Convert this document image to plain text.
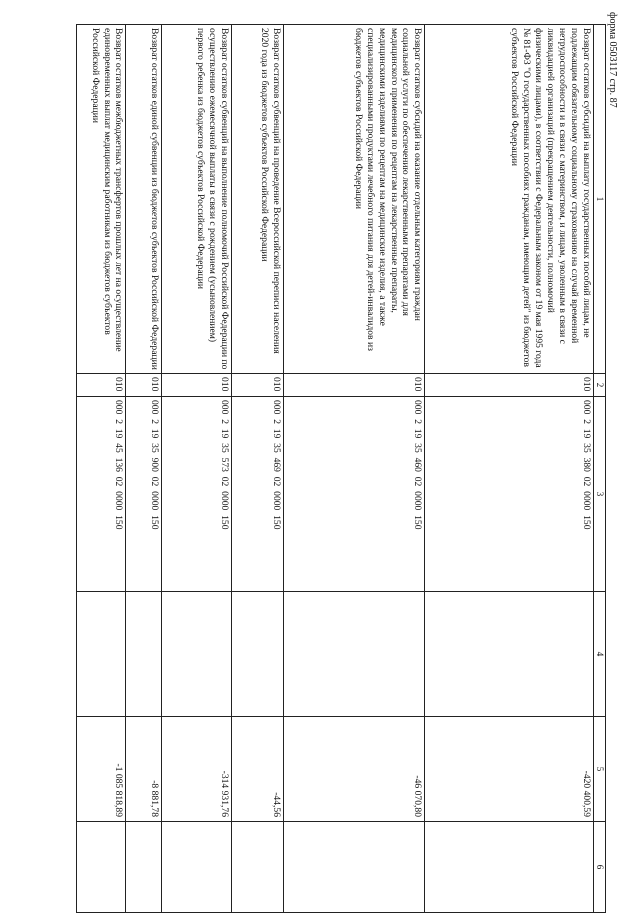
форма 0503117 стр. 87
1	2	3	4	5	6
Возврат остатков субсидий на выплату государственных пособий лицам, не подлежащим обязательному социальному страхованию на случай временной нетрудоспособности и в связи с материнством, и лицам, уволенным в связи с ликвидацией организаций (прекращением деятельности, полномочий физическими лицами), в соответствии с Федеральным законом от 19 мая 1995 года № 81-ФЗ "О государственных пособиях гражданам, имеющим детей" из бюджетов субъектов Российской Федерации	010	000  2  19  35  380  02  0000  150		-420 400,59	
Возврат остатков субсидий на оказание отдельным категориям граждан социальной услуги по обеспечению лекарственными препаратами для медицинского применения по рецептам на лекарственные препараты, медицинскими изделиями по рецептам на медицинские изделия, а также специализированными продуктами лечебного питания для детей-инвалидов из бюджетов субъектов Российской Федерации	010	000  2  19  35  460  02  0000  150		-46 070,80	
Возврат остатков субвенций на проведение Всероссийской переписи населения 2020 года из бюджетов субъектов Российской Федерации	010	000  2  19  35  469  02  0000  150		-44,56	
Возврат остатков субвенций на выполнение полномочий Российской Федерации по осуществлению ежемесячной выплаты в связи с рождением (усыновлением) первого ребенка из бюджетов субъектов Российской Федерации	010	000  2  19  35  573  02  0000  150		-314 931,76	
Возврат остатков единой субвенции из бюджетов субъектов Российской Федерации	010	000  2  19  35  900  02  0000  150		-8 881,78	
Возврат остатков межбюджетных трансфертов прошлых лет на осуществление единовременных выплат медицинским работникам из бюджетов субъектов Российской Федерации	010	000  2  19  45  136  02  0000  150		-1 085 818,89	
